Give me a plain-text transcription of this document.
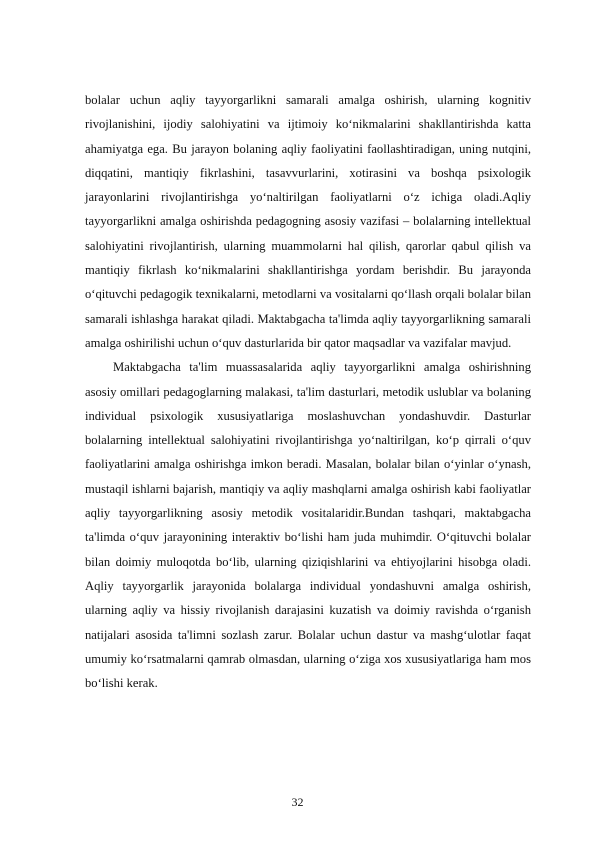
bolalar uchun aqliy tayyorgarlikni samarali amalga oshirish, ularning kognitiv rivojlanishini, ijodiy salohiyatini va ijtimoiy ko‘nikmalarini shakllantirishda katta ahamiyatga ega. Bu jarayon bolaning aqliy faoliyatini faollashtiradigan, uning nutqini, diqqatini, mantiqiy fikrlashini, tasavvurlarini, xotirasini va boshqa psixologik jarayonlarini rivojlantirishga yo‘naltirilgan faoliyatlarni o‘z ichiga oladi.Aqliy tayyorgarlikni amalga oshirishda pedagogning asosiy vazifasi – bolalarning intellektual salohiyatini rivojlantirish, ularning muammolarni hal qilish, qarorlar qabul qilish va mantiqiy fikrlash ko‘nikmalarini shakllantirishga yordam berishdir. Bu jarayonda o‘qituvchi pedagogik texnikalarni, metodlarni va vositalarni qo‘llash orqali bolalar bilan samarali ishlashga harakat qiladi. Maktabgacha ta'limda aqliy tayyorgarlikning samarali amalga oshirilishi uchun o‘quv dasturlarida bir qator maqsadlar va vazifalar mavjud.

Maktabgacha ta'lim muassasalarida aqliy tayyorgarlikni amalga oshirishning asosiy omillari pedagoglarning malakasi, ta'lim dasturlari, metodik uslublar va bolaning individual psixologik xususiyatlariga moslashuvchan yondashuvdir. Dasturlar bolalarning intellektual salohiyatini rivojlantirishga yo‘naltirilgan, ko‘p qirrali o‘quv faoliyatlarini amalga oshirishga imkon beradi. Masalan, bolalar bilan o‘yinlar o‘ynash, mustaqil ishlarni bajarish, mantiqiy va aqliy mashqlarni amalga oshirish kabi faoliyatlar aqliy tayyorgarlikning asosiy metodik vositalaridir.Bundan tashqari, maktabgacha ta'limda o‘quv jarayonining interaktiv bo‘lishi ham juda muhimdir. O‘qituvchi bolalar bilan doimiy muloqotda bo‘lib, ularning qiziqishlarini va ehtiyojlarini hisobga oladi. Aqliy tayyorgarlik jarayonida bolalarga individual yondashuvni amalga oshirish, ularning aqliy va hissiy rivojlanish darajasini kuzatish va doimiy ravishda o‘rganish natijalari asosida ta'limni sozlash zarur. Bolalar uchun dastur va mashg‘ulotlar faqat umumiy ko‘rsatmalarni qamrab olmasdan, ularning o‘ziga xos xususiyatlariga ham mos bo‘lishi kerak.

32
